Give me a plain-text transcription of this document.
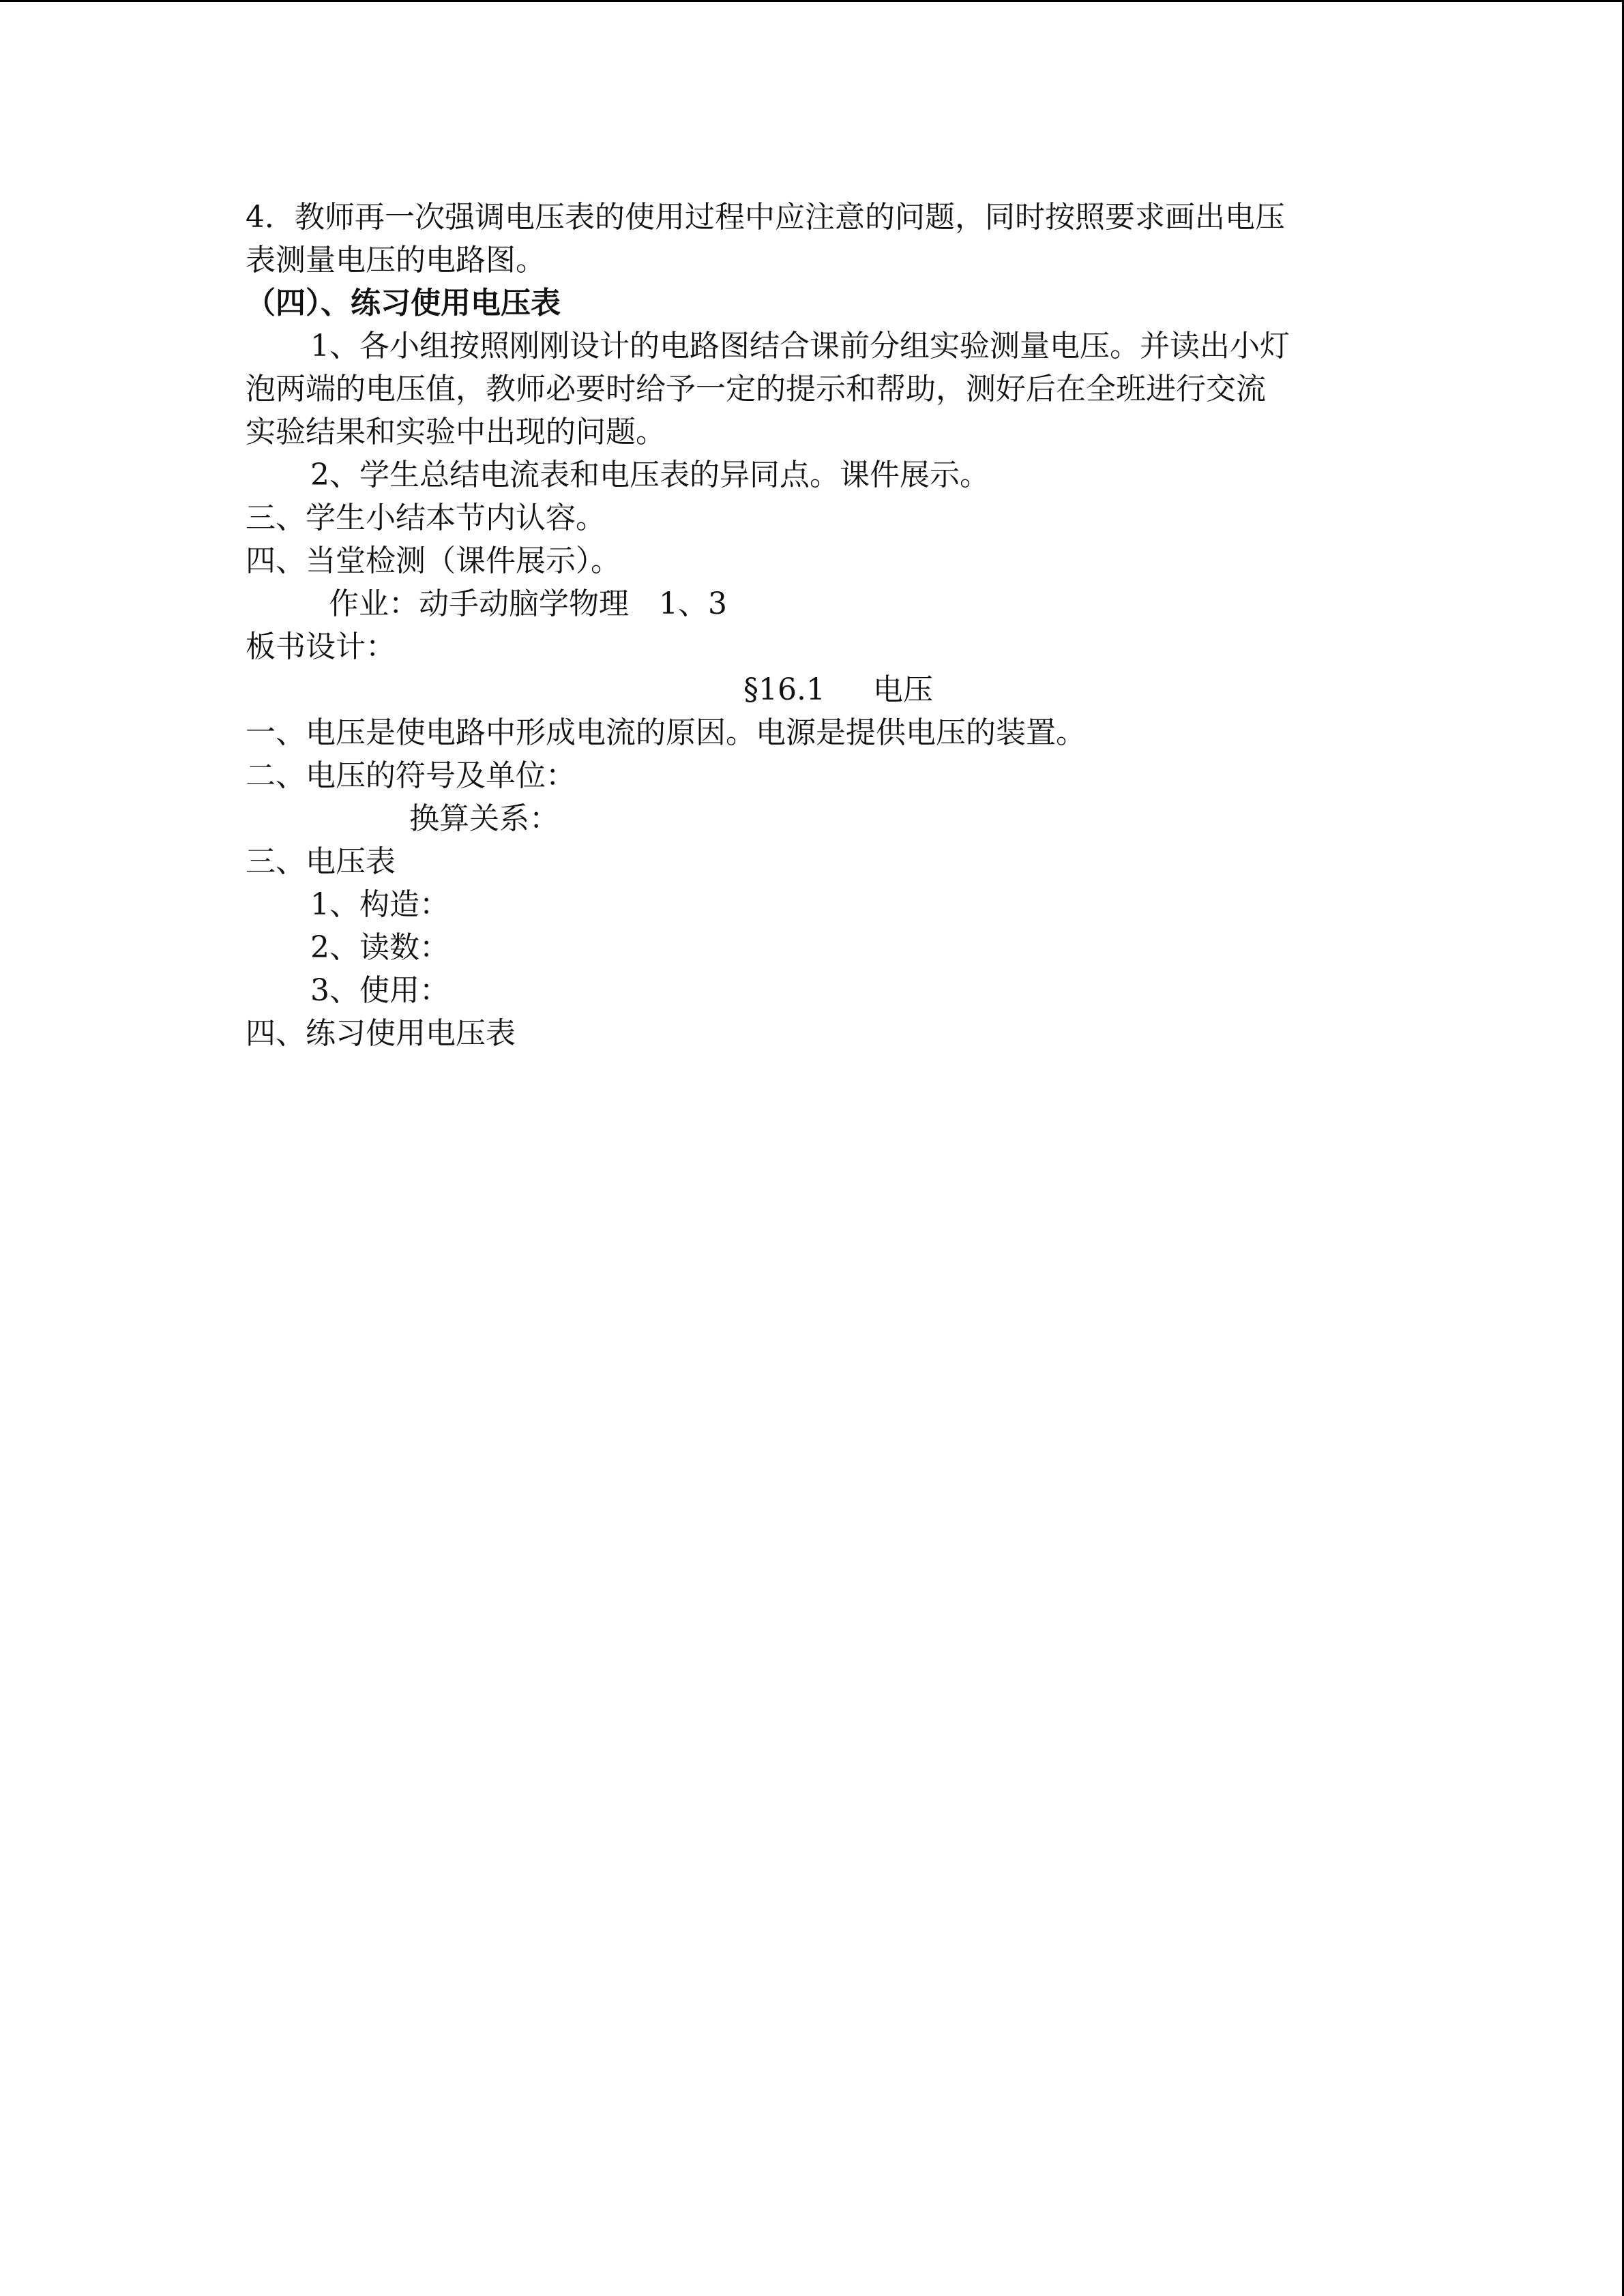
4．教师再一次强调电压表的使用过程中应注意的问题，同时按照要求画出电压
表测量电压的电路图。
（四）、练习使用电压表
1、各小组按照刚刚设计的电路图结合课前分组实验测量电压。并读出小灯
泡两端的电压值，教师必要时给予一定的提示和帮助，测好后在全班进行交流
实验结果和实验中出现的问题。
2、学生总结电流表和电压表的异同点。课件展示。
三、学生小结本节内认容。
四、当堂检测（课件展示）。
作业：动手动脑学物理　1、3
板书设计：
§16.1 电压
一、电压是使电路中形成电流的原因。电源是提供电压的装置。
二、电压的符号及单位：
换算关系：
三、电压表
1、构造：
2、读数：
3、使用：
四、练习使用电压表
